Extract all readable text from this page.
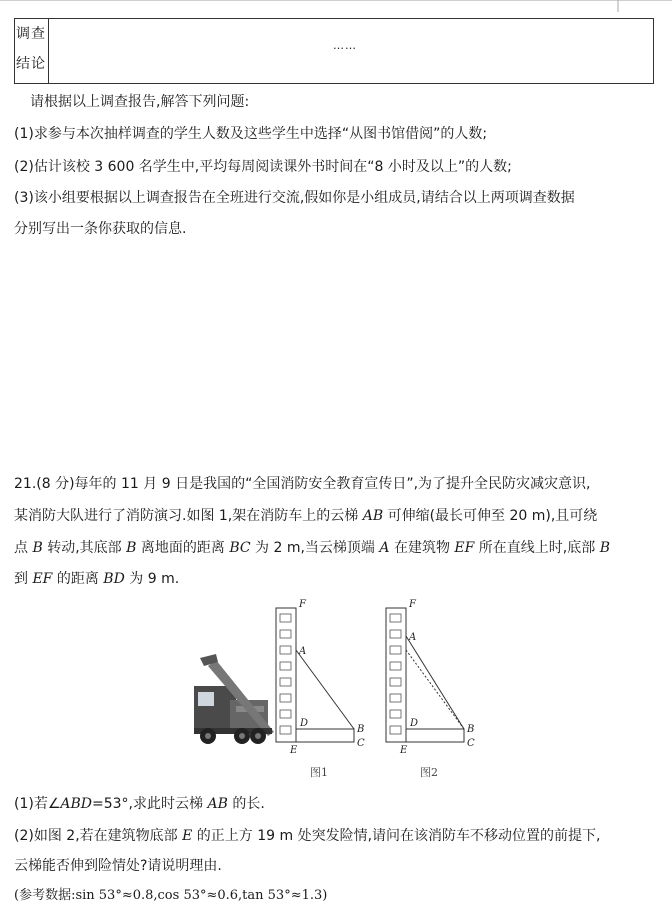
调查
结论
……
请根据以上调查报告,解答下列问题:
(1)求参与本次抽样调查的学生人数及这些学生中选择“从图书馆借阅”的人数;
(2)估计该校 3 600 名学生中,平均每周阅读课外书时间在“8 小时及以上”的人数;
(3)该小组要根据以上调查报告在全班进行交流,假如你是小组成员,请结合以上两项调查数据
分别写出一条你获取的信息.
21.(8 分)每年的 11 月 9 日是我国的“全国消防安全教育宣传日”,为了提升全民防灾减灾意识,
某消防大队进行了消防演习.如图 1,架在消防车上的云梯 AB 可伸缩(最长可伸至 20 m),且可绕
点 B 转动,其底部 B 离地面的距离 BC 为 2 m,当云梯顶端 A 在建筑物 EF 所在直线上时,底部 B
到 EF 的距离 BD 为 9 m.
F
A
D
B
E
C
图1
F
A
D
B
E
C
图2
(1)若∠ABD=53°,求此时云梯 AB 的长.
(2)如图 2,若在建筑物底部 E 的正上方 19 m 处突发险情,请问在该消防车不移动位置的前提下,
云梯能否伸到险情处?请说明理由.
(参考数据:sin 53°≈0.8,cos 53°≈0.6,tan 53°≈1.3)
